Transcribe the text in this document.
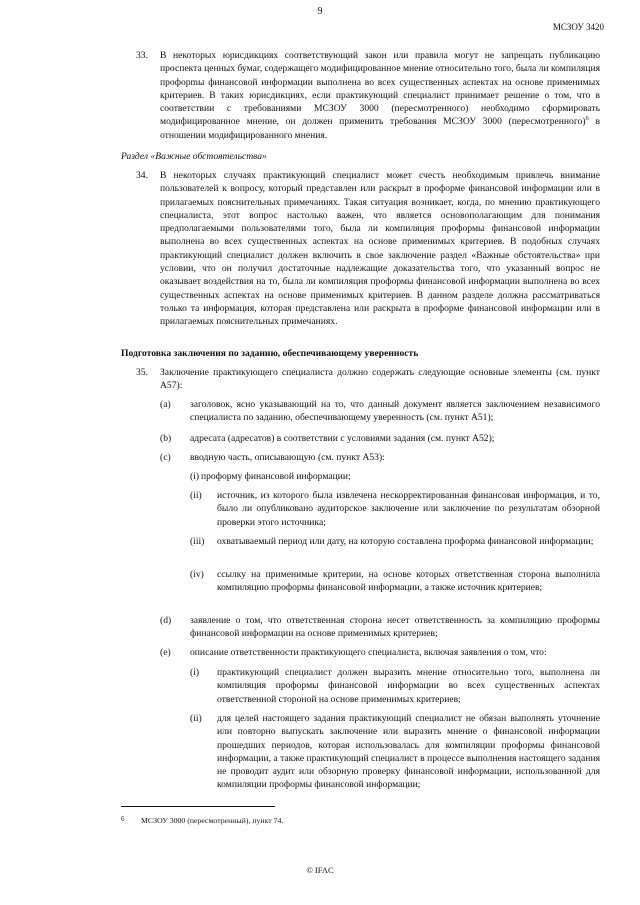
9
МСЗОУ 3420
33. В некоторых юрисдикциях соответствующий закон или правила могут не запрещать публикацию проспекта ценных бумаг, содержащего модифицированное мнение относительно того, была ли компиляция профорmы финансовой информации выполнена во всех существенных аспектах на основе применимых критериев. В таких юрисдикциях, если практикующий специалист принимает решение о том, что в соответствии с требованиями МСЗОУ 3000 (пересмотренного) необходимо сформировать модифицированное мнение, он должен применить требования МСЗОУ 3000 (пересмотренного)$^6$ в отношении модифицированного мнения.
Раздел «Важные обстоятельства»
34. В некоторых случаях практикующий специалист может счесть необходимым привлечь внимание пользователей к вопросу, который представлен или раскрыт в проформе финансовой информации или в прилагаемых пояснительных примечаниях. Такая ситуация возникает, когда, по мнению практикующего специалиста, этот вопрос настолько важен, что является основополагающим для понимания предполагаемыми пользователями того, была ли компиляция проформы финансовой информации выполнена во всех существенных аспектах на основе применимых критериев. В подобных случаях практикующий специалист должен включить в свое заключение раздел «Важные обстоятельства» при условии, что он получил достаточные надлежащие доказательства того, что указанный вопрос не оказывает воздействия на то, была ли компиляция проформы финансовой информации выполнена во всех существенных аспектах на основе применимых критериев. В данном разделе должна рассматриваться только та информация, которая представлена или раскрыта в проформе финансовой информации или в прилагаемых пояснительных примечаниях.
Подготовка заключения по заданию, обеспечивающему уверенность
35. Заключение практикующего специалиста должно содержать следующие основные элементы (см. пункт А57):
(a) заголовок, ясно указывающий на то, что данный документ является заключением независимого специалиста по заданию, обеспечивающему уверенность (см. пункт А51);
(b) адресата (адресатов) в соответствии с условиями задания (см. пункт А52);
(c) вводную часть, описывающую (см. пункт А53):
(i) проформу финансовой информации;
(ii) источник, из которого была извлечена нескорректированная финансовая информация, и то, было ли опубликовано аудиторское заключение или заключение по результатам обзорной проверки этого источника;
(iii) охватываемый период или дату, на которую составлена проформа финансовой информации;
(iv) ссылку на применимые критерии, на основе которых ответственная сторона выполнила компиляцию проформы финансовой информации, а также источник критериев;
(d) заявление о том, что ответственная сторона несет ответственность за компиляцию проформы финансовой информации на основе применимых критериев;
(e) описание ответственности практикующего специалиста, включая заявления о том, что:
(i) практикующий специалист должен выразить мнение относительно того, выполнена ли компиляция проформы финансовой информации во всех существенных аспектах ответственной стороной на основе применимых критериев;
(ii) для целей настоящего задания практикующий специалист не обязан выполнять уточнение или повторно выпускать заключение или выразить мнение о финансовой информации прошедших периодов, которая использовалась для компиляции проформы финансовой информации, а также практикующий специалист в процессе выполнения настоящего задания не проводит аудит или обзорную проверку финансовой информации, использованной для компиляции проформы финансовой информации;
6 МСЗОУ 3000 (пересмотренный), пункт 74.
© IFAC
